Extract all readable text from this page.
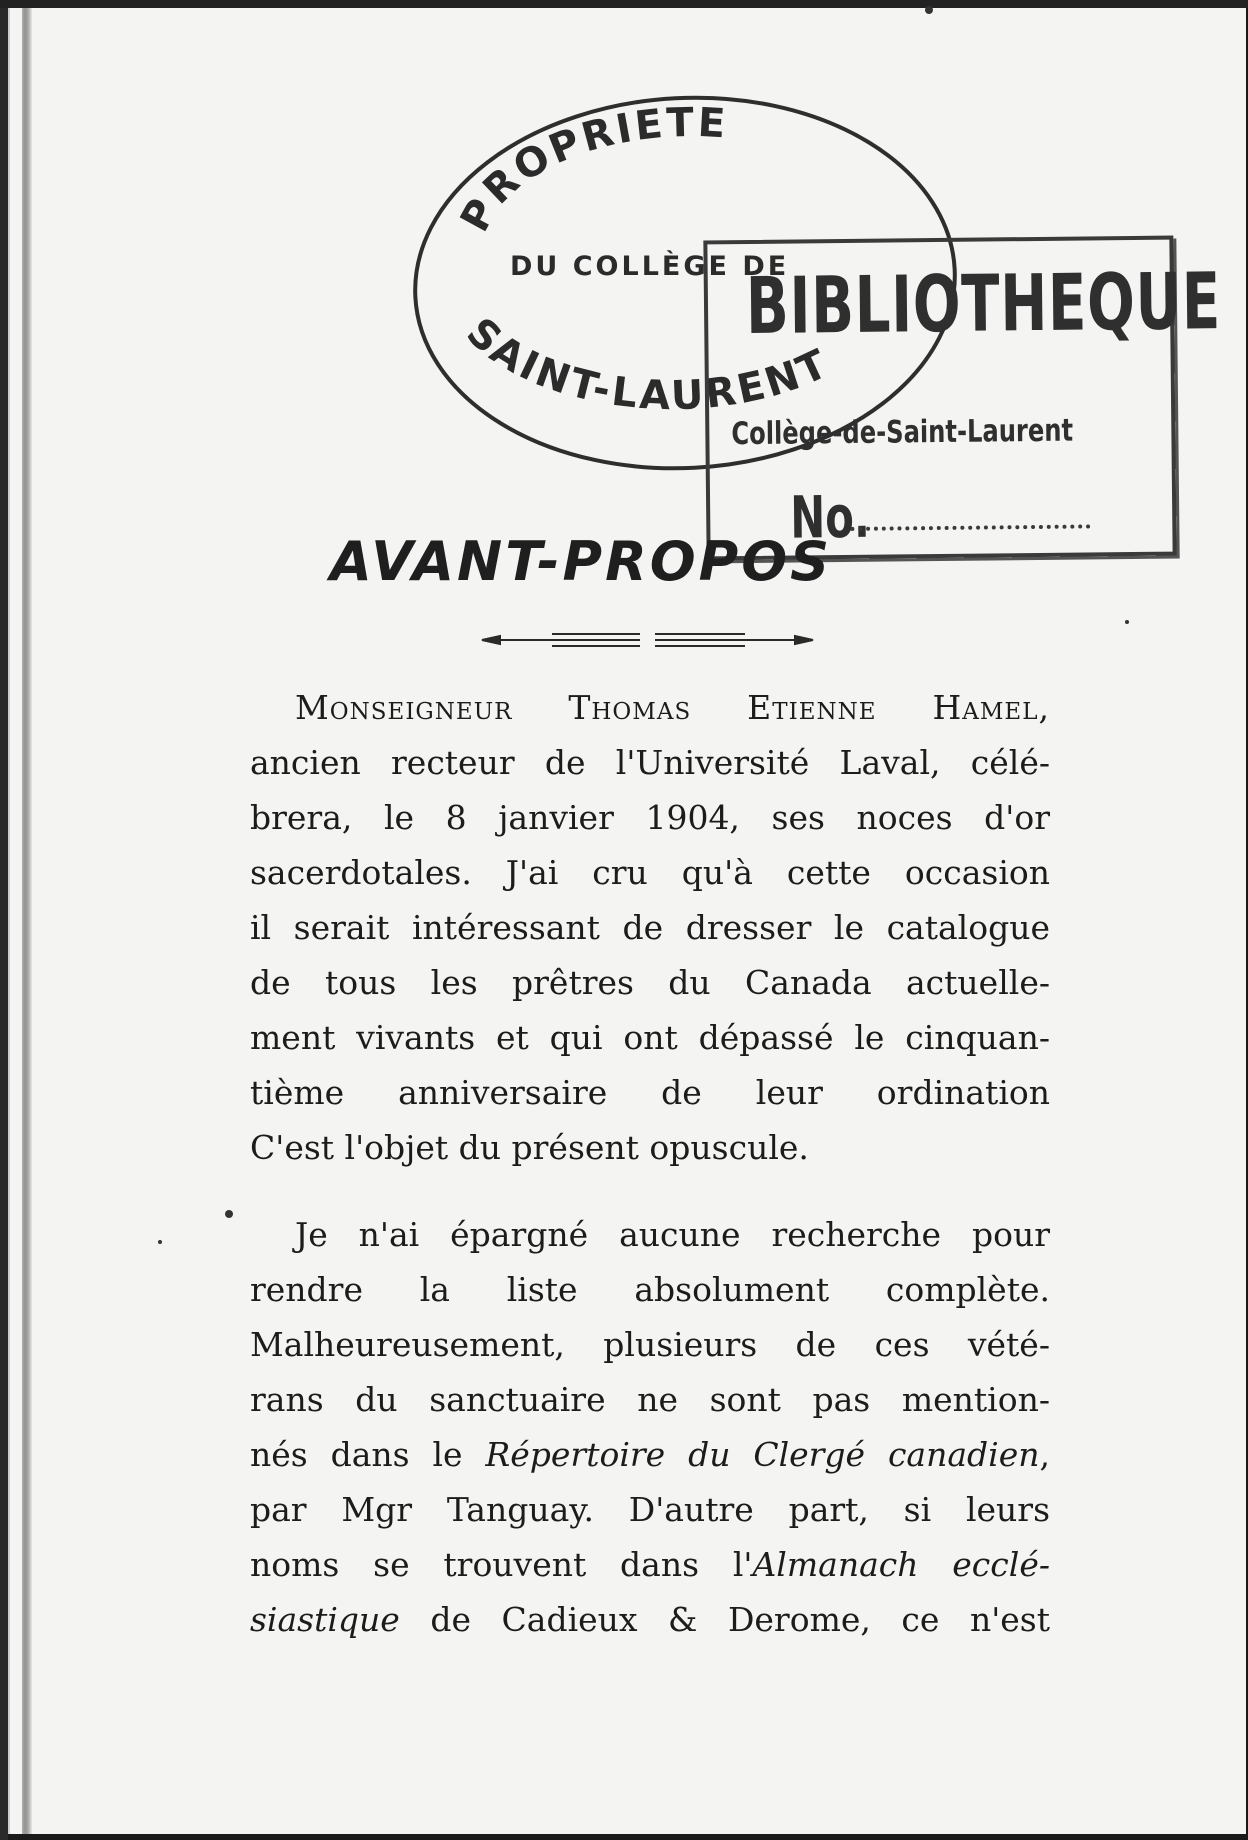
PROPRIETE
DU COLLÈGE DE
SAINT-LAURENT
BIBLIOTHEQUE
Collège-de-Saint-Laurent
No.
AVANT-PROPOS
Monseigneur Thomas Etienne Hamel,
ancien recteur de l'Université Laval, célé-
brera, le 8 janvier 1904, ses noces d'or
sacerdotales. J'ai cru qu'à cette occasion
il serait intéressant de dresser le catalogue
de tous les prêtres du Canada actuelle-
ment vivants et qui ont dépassé le cinquan-
tième anniversaire de leur ordination
C'est l'objet du présent opuscule.
Je n'ai épargné aucune recherche pour
rendre la liste absolument complète.
Malheureusement, plusieurs de ces vété-
rans du sanctuaire ne sont pas mention-
nés dans le Répertoire du Clergé canadien,
par Mgr Tanguay. D'autre part, si leurs
noms se trouvent dans l'Almanach ecclé-
siastique de Cadieux & Derome, ce n'est
